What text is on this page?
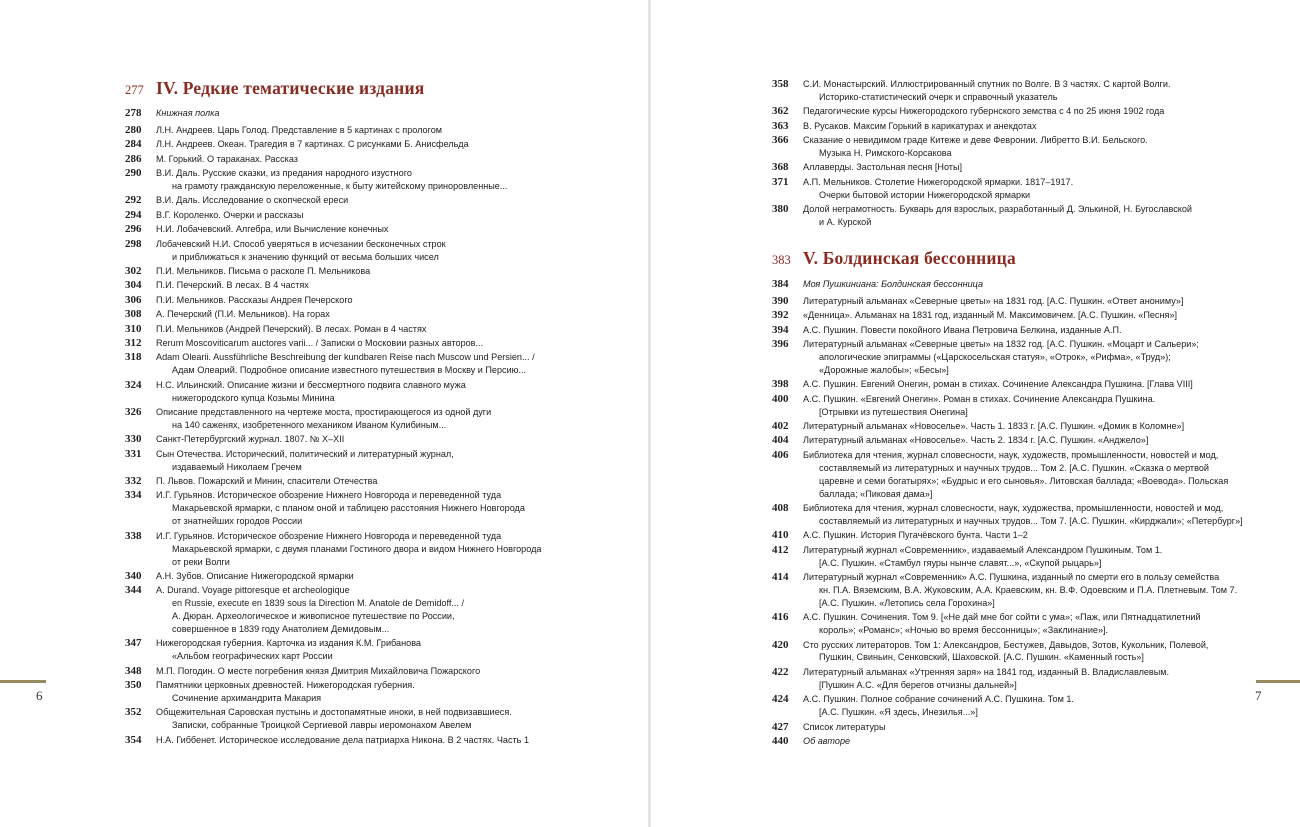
277 IV. Редкие тематические издания
278	Книжная полка
280	Л.Н. Андреев. Царь Голод. Представление в 5 картинах с прологом
284	Л.Н. Андреев. Океан. Трагедия в 7 картинах. С рисунками Б. Анисфельда
286	М. Горький. О тараканах. Рассказ
290	В.И. Даль. Русские сказки, из предания народного изустного
на грамоту гражданскую переложенные, к быту житейскому приноровленные...
292	В.И. Даль. Исследование о скопческой ереси
294	В.Г. Короленко. Очерки и рассказы
296	Н.И. Лобачевский. Алгебра, или Вычисление конечных
298	Лобачевский Н.И. Способ уверяться в исчезании бесконечных строк
и приближаться к значению функций от весьма больших чисел
302	П.И. Мельников. Письма о расколе П. Мельникова
304	П.И. Печерский. В лесах. В 4 частях
306	П.И. Мельников. Рассказы Андрея Печерского
308	А. Печерский (П.И. Мельников). На горах
310	П.И. Мельников (Андрей Печерский). В лесах. Роман в 4 частях
312	Rerum Moscoviticarum auctores varii... / Записки о Московии разных авторов...
318	Adam Olearii. Aussführliche Beschreibung der kundbaren Reise nach Muscow und Persien... /
Адам Олеарий. Подробное описание известного путешествия в Москву и Персию...
324	Н.С. Ильинский. Описание жизни и бессмертного подвига славного мужа
нижегородского купца Козьмы Минина
326	Описание представленного на чертеже моста, простирающегося из одной дуги
на 140 саженях, изобретенного механиком Иваном Кулибиным...
330	Санкт-Петербургский журнал. 1807. № X–XII
331	Сын Отечества. Исторический, политический и литературный журнал,
издаваемый Николаем Гречем
332	П. Львов. Пожарский и Минин, спасители Отечества
334	И.Г. Гурьянов. Историческое обозрение Нижнего Новгорода и переведенной туда
Макарьевской ярмарки, с планом оной и таблицею расстояния Нижнего Новгорода
от знатнейших городов России
338	И.Г. Гурьянов. Историческое обозрение Нижнего Новгорода и переведенной туда
Макарьевской ярмарки, с двумя планами Гостиного двора и видом Нижнего Новгорода
от реки Волги
340	А.Н. Зубов. Описание Нижегородской ярмарки
344	A. Durand. Voyage pittoresque et archeologique
en Russie, execute en 1839 sous la Direction M. Anatole de Demidoff... /
А. Дюран. Археологическое и живописное путешествие по России,
совершенное в 1839 году Анатолием Демидовым...
347	Нижегородская губерния. Карточка из издания К.М. Грибанова
«Альбом географических карт России
348	М.П. Погодин. О месте погребения князя Дмитрия Михайловича Пожарского
350	Памятники церковных древностей. Нижегородская губерния.
Сочинение архимандрита Макария
352	Общежительная Саровская пустынь и достопамятные иноки, в ней подвизавшиеся.
Записки, собранные Троицкой Сергиевой лавры иеромонахом Авелем
354	Н.А. Гиббенет. Историческое исследование дела патриарха Никона. В 2 частях. Часть 1
6
358	С.И. Монастырский. Иллюстрированный спутник по Волге. В 3 частях. С картой Волги.
Историко-статистический очерк и справочный указатель
362	Педагогические курсы Нижегородского губернского земства с 4 по 25 июня 1902 года
363	В. Русаков. Максим Горький в карикатурах и анекдотах
366	Сказание о невидимом граде Китеже и деве Февронии. Либретто В.И. Бельского.
Музыка Н. Римского-Корсакова
368	Аллаверды. Застольная песня [Ноты]
371	А.П. Мельников. Столетие Нижегородской ярмарки. 1817–1917.
Очерки бытовой истории Нижегородской ярмарки
380	Долой неграмотность. Букварь для взрослых, разработанный Д. Элькиной, Н. Бугославской
и А. Курской
383 V. Болдинская бессонница
384	Моя Пушкиниана: Болдинская бессонница
390	Литературный альманах «Северные цветы» на 1831 год. [А.С. Пушкин. «Ответ анониму»]
392	«Денница». Альманах на 1831 год, изданный М. Максимовичем. [А.С. Пушкин. «Песня»]
394	А.С. Пушкин. Повести покойного Ивана Петровича Белкина, изданные А.П.
396	Литературный альманах «Северные цветы» на 1832 год. [А.С. Пушкин. «Моцарт и Сальери»;
апологические эпиграммы («Царскосельская статуя», «Отрок», «Рифма», «Труд»);
«Дорожные жалобы»; «Бесы»]
398	А.С. Пушкин. Евгений Онегин, роман в стихах. Сочинение Александра Пушкина. [Глава VIII]
400	А.С. Пушкин. «Евгений Онегин». Роман в стихах. Сочинение Александра Пушкина.
[Отрывки из путешествия Онегина]
402	Литературный альманах «Новоселье». Часть 1. 1833 г. [А.С. Пушкин. «Домик в Коломне»]
404	Литературный альманах «Новоселье». Часть 2. 1834 г. [А.С. Пушкин. «Анджело»]
406	Библиотека для чтения, журнал словесности, наук, художеств, промышленности, новостей и мод,
составляемый из литературных и научных трудов... Том 2. [А.С. Пушкин. «Сказка о мертвой
царевне и семи богатырях»; «Будрыс и его сыновья». Литовская баллада; «Воевода». Польская
баллада; «Пиковая дама»]
408	Библиотека для чтения, журнал словесности, наук, художества, промышленности, новостей и мод,
составляемый из литературных и научных трудов... Том 7. [А.С. Пушкин. «Кирджали»; «Петербург»]
410	А.С. Пушкин. История Пугачёвского бунта. Части 1–2
412	Литературный журнал «Современник», издаваемый Александром Пушкиным. Том 1.
[А.С. Пушкин. «Стамбул гяуры нынче славят...», «Скупой рыцарь»]
414	Литературный журнал «Современник» А.С. Пушкина, изданный по смерти его в пользу семейства
кн. П.А. Вяземским, В.А. Жуковским, А.А. Краевским, кн. В.Ф. Одоевским и П.А. Плетневым. Том 7.
[А.С. Пушкин. «Летопись села Горохина»]
416	А.С. Пушкин. Сочинения. Том 9. [«Не дай мне бог сойти с ума»; «Паж, или Пятнадцатилетний
король»; «Романс»; «Ночью во время бессонницы»; «Заклинание»].
420	Сто русских литераторов. Том 1: Александров, Бестужев, Давыдов, Зотов, Кукольник, Полевой,
Пушкин, Свиньин, Сенковский, Шаховской. [А.С. Пушкин. «Каменный гость»]
422	Литературный альманах «Утренняя заря» на 1841 год, изданный В. Владиславлевым.
[Пушкин А.С. «Для берегов отчизны дальней»]
424	А.С. Пушкин. Полное собрание сочинений А.С. Пушкина. Том 1.
[А.С. Пушкин. «Я здесь, Инезилья...»]
427	Список литературы
440	Об авторе
7
